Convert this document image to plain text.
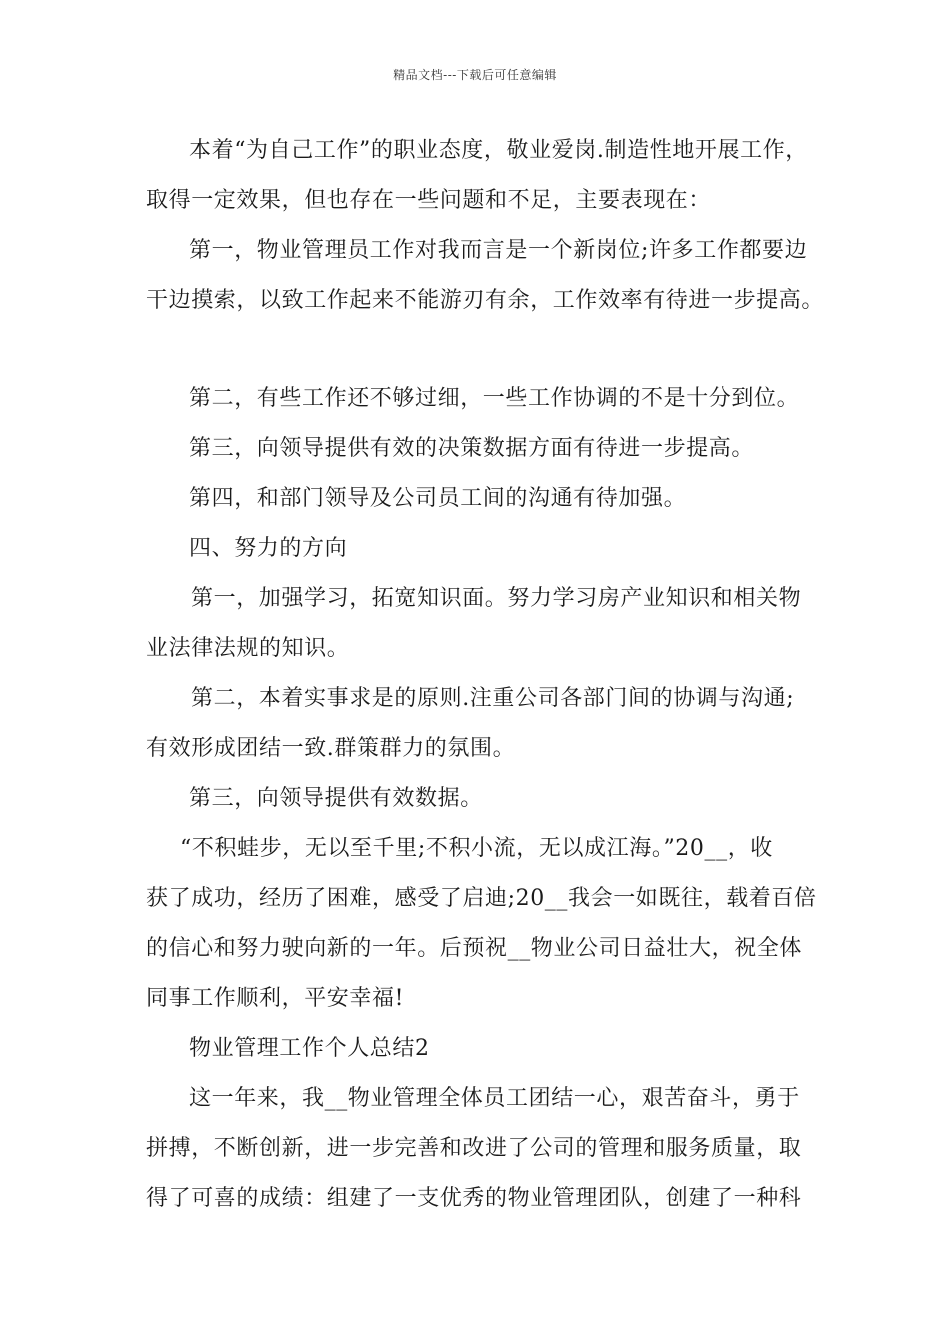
精品文档---下载后可任意编辑
本着“为自己工作”的职业态度，敬业爱岗.制造性地开展工作，
取得一定效果，但也存在一些问题和不足，主要表现在：
第一，物业管理员工作对我而言是一个新岗位;许多工作都要边
干边摸索，以致工作起来不能游刃有余，工作效率有待进一步提高。
第二，有些工作还不够过细，一些工作协调的不是十分到位。
第三，向领导提供有效的决策数据方面有待进一步提高。
第四，和部门领导及公司员工间的沟通有待加强。
四、努力的方向
第一，加强学习，拓宽知识面。努力学习房产业知识和相关物
业法律法规的知识。
第二，本着实事求是的原则.注重公司各部门间的协调与沟通;
有效形成团结一致.群策群力的氛围。
第三，向领导提供有效数据。
“不积蛙步，无以至千里;不积小流，无以成江海。”20__，收
获了成功，经历了困难，感受了启迪;20__我会一如既往，载着百倍
的信心和努力驶向新的一年。后预祝__物业公司日益壮大，祝全体
同事工作顺利，平安幸福!
物业管理工作个人总结2
这一年来，我__物业管理全体员工团结一心，艰苦奋斗，勇于
拼搏，不断创新，进一步完善和改进了公司的管理和服务质量，取
得了可喜的成绩：组建了一支优秀的物业管理团队，创建了一种科
